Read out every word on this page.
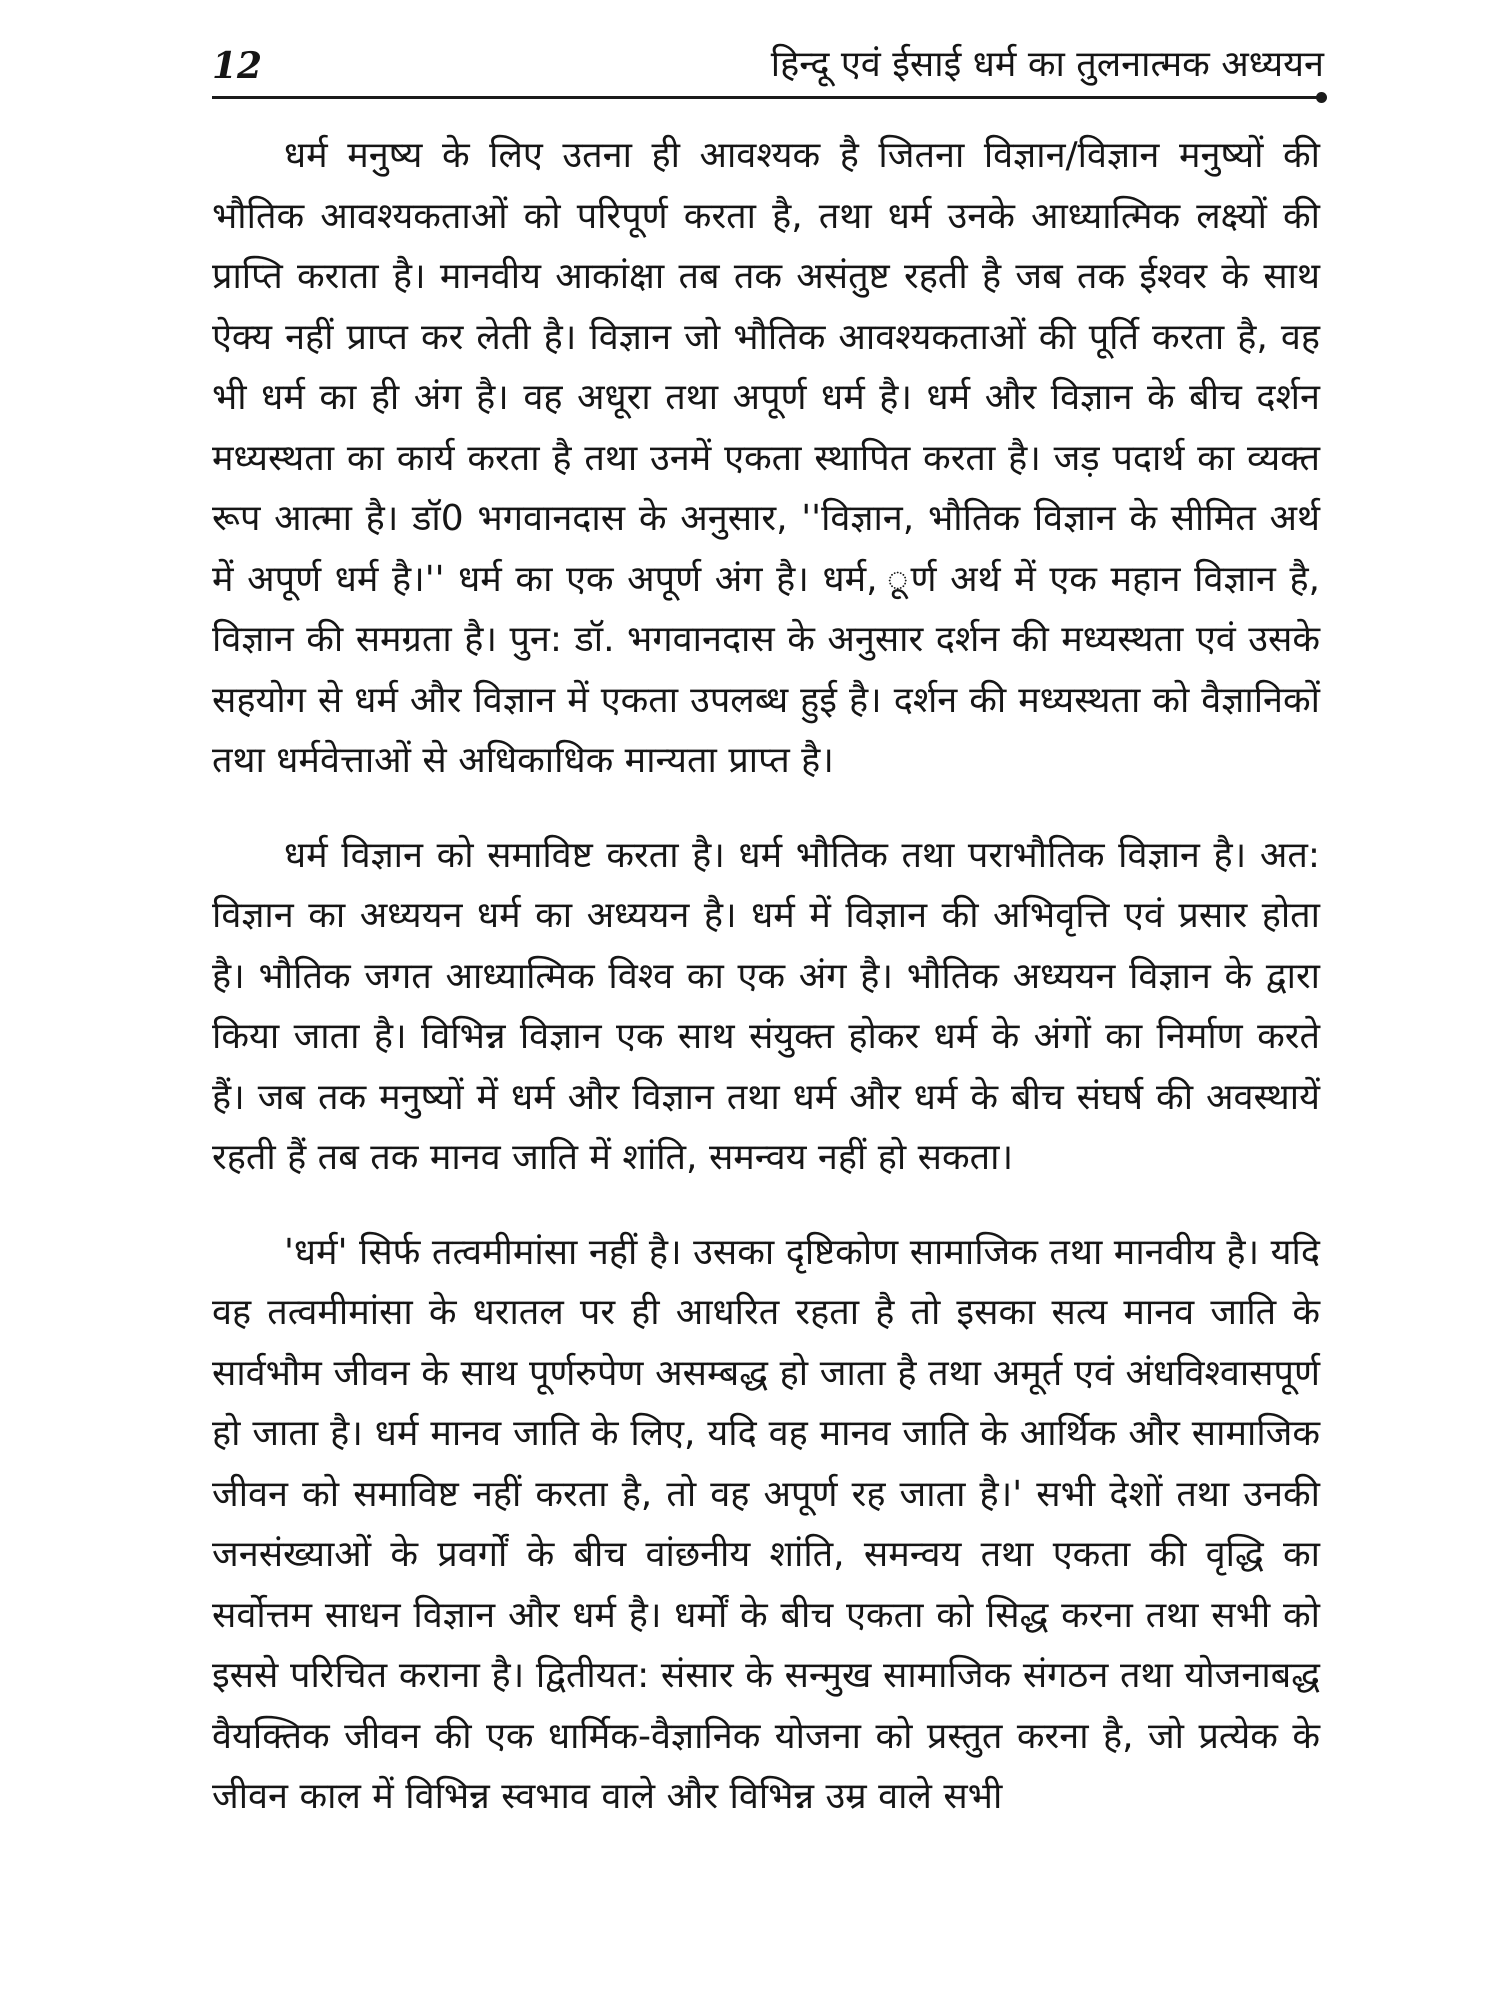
12	हिन्दू एवं ईसाई धर्म का तुलनात्मक अध्ययन

धर्म मनुष्य के लिए उतना ही आवश्यक है जितना विज्ञान/विज्ञान मनुष्यों की भौतिक आवश्यकताओं को परिपूर्ण करता है, तथा धर्म उनके आध्यात्मिक लक्ष्यों की प्राप्ति कराता है। मानवीय आकांक्षा तब तक असंतुष्ट रहती है जब तक ईश्वर के साथ ऐक्य नहीं प्राप्त कर लेती है। विज्ञान जो भौतिक आवश्यकताओं की पूर्ति करता है, वह भी धर्म का ही अंग है। वह अधूरा तथा अपूर्ण धर्म है। धर्म और विज्ञान के बीच दर्शन मध्यस्थता का कार्य करता है तथा उनमें एकता स्थापित करता है। जड़ पदार्थ का व्यक्त रूप आत्मा है। डॉ0 भगवानदास के अनुसार, ''विज्ञान, भौतिक विज्ञान के सीमित अर्थ में अपूर्ण धर्म है।'' धर्म का एक अपूर्ण अंग है। धर्म, ूर्ण अर्थ में एक महान विज्ञान है, विज्ञान की समग्रता है। पुन: डॉ. भगवानदास के अनुसार दर्शन की मध्यस्थता एवं उसके सहयोग से धर्म और विज्ञान में एकता उपलब्ध हुई है। दर्शन की मध्यस्थता को वैज्ञानिकों तथा धर्मवेत्ताओं से अधिकाधिक मान्यता प्राप्त है।

धर्म विज्ञान को समाविष्ट करता है। धर्म भौतिक तथा पराभौतिक विज्ञान है। अत: विज्ञान का अध्ययन धर्म का अध्ययन है। धर्म में विज्ञान की अभिवृत्ति एवं प्रसार होता है। भौतिक जगत आध्यात्मिक विश्व का एक अंग है। भौतिक अध्ययन विज्ञान के द्वारा किया जाता है। विभिन्न विज्ञान एक साथ संयुक्त होकर धर्म के अंगों का निर्माण करते हैं। जब तक मनुष्यों में धर्म और विज्ञान तथा धर्म और धर्म के बीच संघर्ष की अवस्थायें रहती हैं तब तक मानव जाति में शांति, समन्वय नहीं हो सकता।

'धर्म' सिर्फ तत्वमीमांसा नहीं है। उसका दृष्टिकोण सामाजिक तथा मानवीय है। यदि वह तत्वमीमांसा के धरातल पर ही आधरित रहता है तो इसका सत्य मानव जाति के सार्वभौम जीवन के साथ पूर्णरुपेण असम्बद्ध हो जाता है तथा अमूर्त एवं अंधविश्वासपूर्ण हो जाता है। धर्म मानव जाति के लिए, यदि वह मानव जाति के आर्थिक और सामाजिक जीवन को समाविष्ट नहीं करता है, तो वह अपूर्ण रह जाता है।' सभी देशों तथा उनकी जनसंख्याओं के प्रवर्गों के बीच वांछनीय शांति, समन्वय तथा एकता की वृद्धि का सर्वोत्तम साधन विज्ञान और धर्म है। धर्मों के बीच एकता को सिद्ध करना तथा सभी को इससे परिचित कराना है। द्वितीयत: संसार के सन्मुख सामाजिक संगठन तथा योजनाबद्ध वैयक्तिक जीवन की एक धार्मिक-वैज्ञानिक योजना को प्रस्तुत करना है, जो प्रत्येक के जीवन काल में विभिन्न स्वभाव वाले और विभिन्न उम्र वाले सभी
